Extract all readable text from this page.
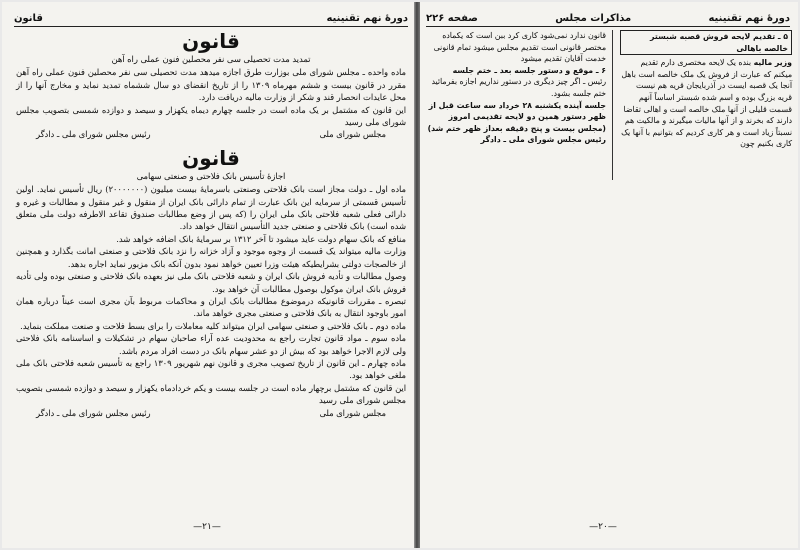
دورهٔ نهم تقنینیه
قانون
قانون
تمدید مدت تحصیلی سی نفر محصلین فنون عملی راه آهن

ماده واحده ـ مجلس شورای ملی بوزارت طرق اجازه میدهد مدت تحصیلی سی نفر محصلین فنون عملی راه آهن مقرر در قانون بیست و ششم مهرماه ۱۳۰۹ را از تاریخ انقضای دو سال ششماه تمدید نماید و مخارج آنها را از محل عایدات انحصار قند و شکر از وزارت مالیه دریافت دارد.

این قانون که مشتمل بر یک ماده است در جلسه چهارم دیماه یکهزار و سیصد و دوازده شمسی بتصویب مجلس شورای ملی رسید

مجلس شورای ملی
رئیس مجلس شورای ملی ـ دادگر
قانون
اجازهٔ تأسیس بانک فلاحتی و صنعتی سهامی

ماده اول ـ دولت مجاز است بانک فلاحتی وصنعتی باسرمایهٔ بیست میلیون (۲۰۰۰۰۰۰۰) ریال تأسیس نماید. اولین تأسیس قسمتی از سرمایه این بانک عبارت از تمام دارائی بانک ایران از منقول و غیر منقول و مطالبات و غیره و دارائی فعلی شعبه فلاحتی بانک ملی ایران را (که پس از وضع مطالبات صندوق تقاعد الاطرفه دولت ملی متعلق شده است) بانک فلاحتی و صنعتی جدید التأسیس انتقال خواهد داد.

منافع که بانک سهام دولت عاید میشود تا آخر ۱۳۱۲ بر سرمایهٔ بانک اضافه خواهد شد.

وزارت مالیه میتواند یک قسمت از وجوه موجود و آزاد خزانه را نزد بانک فلاحتی و صنعتی امانت بگذارد و همچنین از خالصجات دولتی بشرایطیکه هیئت وزرا تعیین خواهد نمود بدون آنکه بانک مزبور نماید اجاره بدهد.

وصول مطالبات و تأدیه فروش بانک ایران و شعبه فلاحتی بانک ملی نیز بعهده بانک فلاحتی و صنعتی بوده ولی تأدیه فروش بانک ایران موکول بوصول مطالبات آن خواهد بود.

تبصره ـ مقررات قانونیکه درموضوع مطالبات بانک ایران و محاکمات مربوط بآن مجری است عیناً درباره همان امور باوجود انتقال به بانک فلاحتی و صنعتی مجری خواهد ماند.

ماده دوم ـ بانک فلاحتی و صنعتی سهامی ایران میتواند کلیه معاملات را برای بسط فلاحت و صنعت مملکت بنماید.

ماده سوم ـ مواد قانون تجارت راجع به محدودیت عده آراء صاحبان سهام در تشکیلات و اساسنامه بانک فلاحتی ولی لازم الاجرا خواهد بود که بیش از دو عشر سهام بانک در دست افراد مردم باشد.

ماده چهارم ـ این قانون از تاریخ تصویب مجری و قانون نهم شهریور ۱۳۰۹ راجع به تأسیس شعبه فلاحتی بانک ملی ملغی خواهد بود.

این قانون که مشتمل برچهار ماده است در جلسه بیست و یکم خردادماه یکهزار و سیصد و دوازده شمسی بتصویب مجلس شورای ملی رسید

مجلس شورای ملی
رئیس مجلس شورای ملی ـ دادگر
— ۲۱ —
دورهٔ نهم تقنینیه
مذاکرات مجلس
صفحه ۲۲۶
۵ ـ تقدیم لایحه فروش قصبه شبستر خالصه باهالی
وزیر مالیه بنده یک لایحه مختصری دارم تقدیم میکنم که عبارت از فروش یک ملک خالصه است باهل آنجا یک قصبه ایست در آذربایجان قریه هم نیست قریه بزرگ بوده و اسم شده شبستر اساساً آنهم قسمت قلیلی از آنها ملک خالصه است و اهالی تقاضا دارند که بخرند و از آنها مالیات میگیرند و مالکیت هم نسبتاً زیاد است و هر کاری کردیم که بتوانیم با آنها یک کاری بکنیم چون
قانون ندارد نمی‌شود کاری کرد ببن است که یکماده مختصر قانونی است تقدیم مجلس میشود تمام قانونی خدمت آقایان تقدیم میشود
۶ ـ موقع و دستور جلسه بعد ـ ختم جلسه
رئیس ـ اگر چیز دیگری در دستور نداریم اجازه بفرمائید ختم جلسه بشود.
جلسه آینده یکشنبه ۲۸ خرداد سه ساعت قبل از ظهر دستور همین دو لایحه تقدیمی امروز
(مجلس بیست و پنج دقیقه بعداز ظهر ختم شد)
رئیس مجلس شورای ملی ـ دادگر
— ۲۰ —
